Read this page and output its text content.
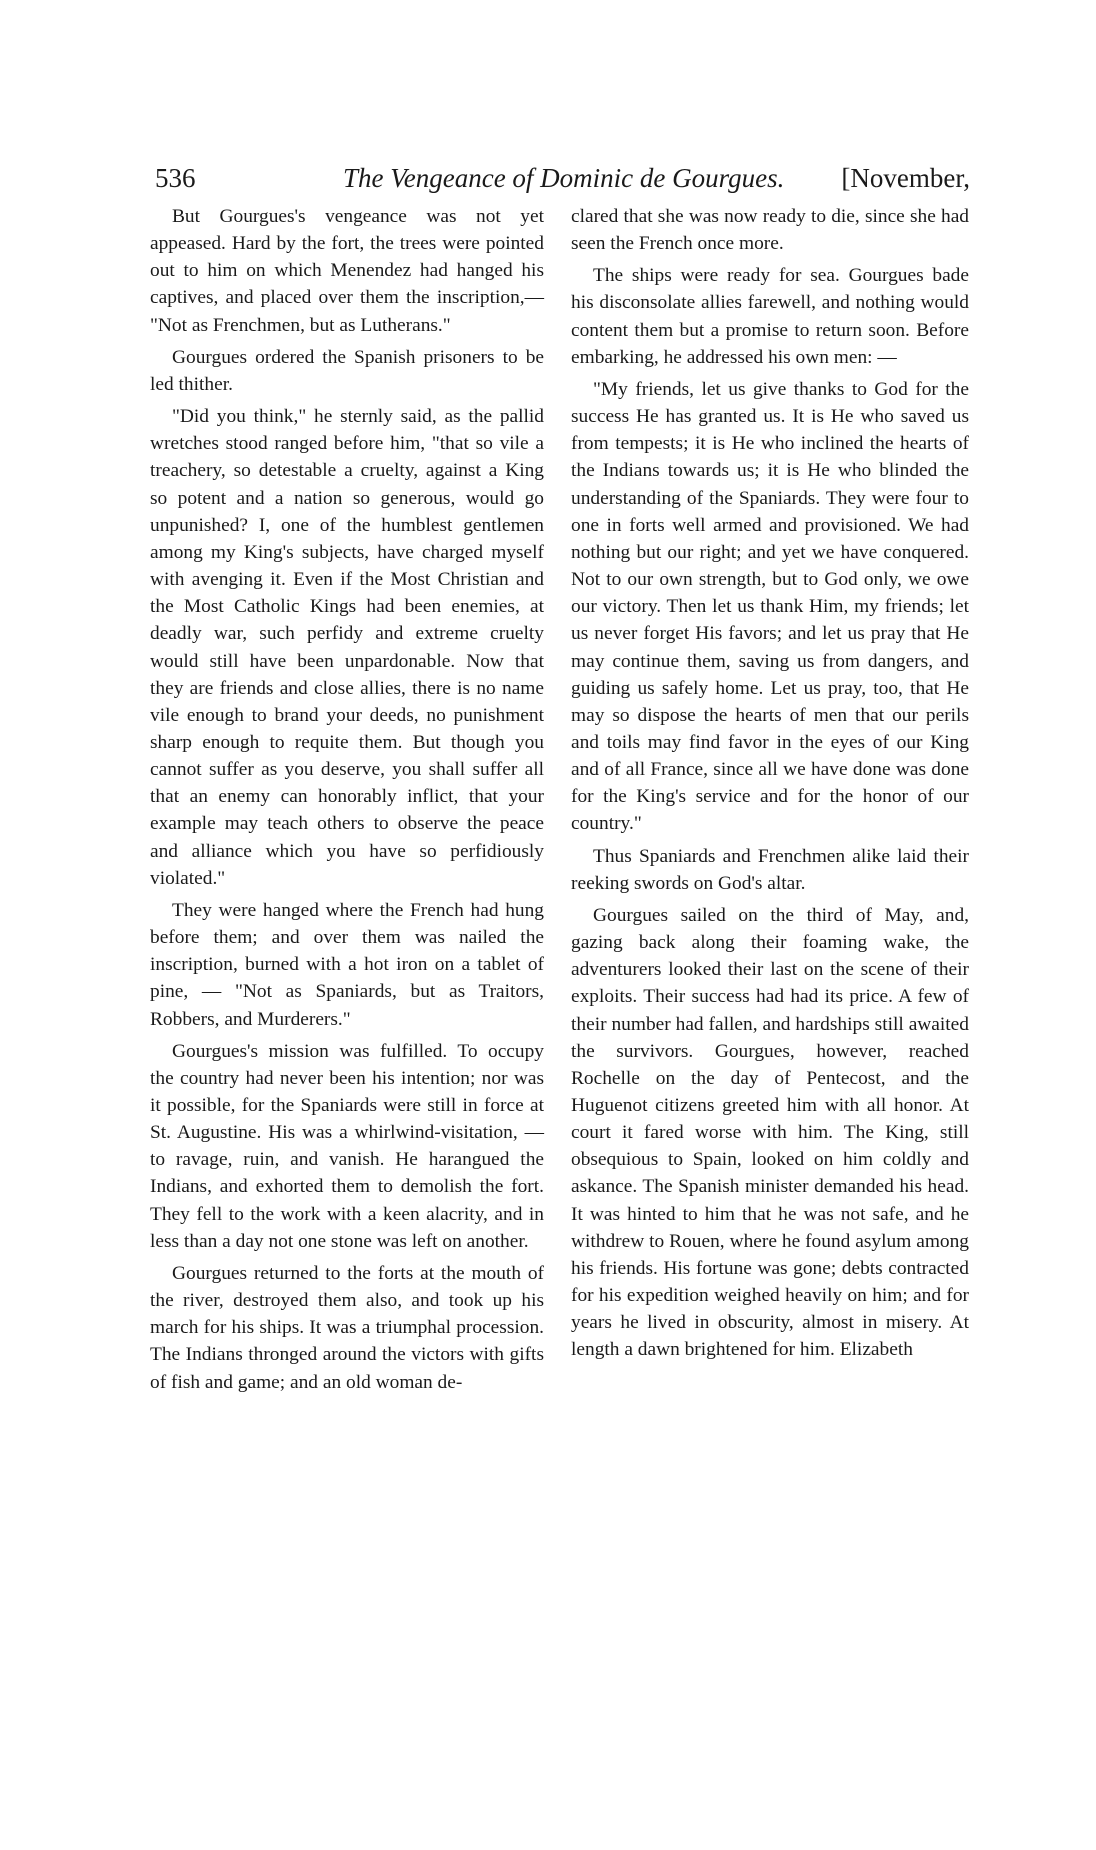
536	The Vengeance of Dominic de Gourgues. [November,

But Gourgues's vengeance was not yet appeased. Hard by the fort, the trees were pointed out to him on which Menendez had hanged his captives, and placed over them the inscription,— "Not as Frenchmen, but as Lutherans."

Gourgues ordered the Spanish prisoners to be led thither.

"Did you think," he sternly said, as the pallid wretches stood ranged before him, "that so vile a treachery, so detestable a cruelty, against a King so potent and a nation so generous, would go unpunished? I, one of the humblest gentlemen among my King's subjects, have charged myself with avenging it. Even if the Most Christian and the Most Catholic Kings had been enemies, at deadly war, such perfidy and extreme cruelty would still have been unpardonable. Now that they are friends and close allies, there is no name vile enough to brand your deeds, no punishment sharp enough to requite them. But though you cannot suffer as you deserve, you shall suffer all that an enemy can honorably inflict, that your example may teach others to observe the peace and alliance which you have so perfidiously violated."

They were hanged where the French had hung before them; and over them was nailed the inscription, burned with a hot iron on a tablet of pine, — "Not as Spaniards, but as Traitors, Robbers, and Murderers."

Gourgues's mission was fulfilled. To occupy the country had never been his intention; nor was it possible, for the Spaniards were still in force at St. Augustine. His was a whirlwind-visitation, — to ravage, ruin, and vanish. He harangued the Indians, and exhorted them to demolish the fort. They fell to the work with a keen alacrity, and in less than a day not one stone was left on another.

Gourgues returned to the forts at the mouth of the river, destroyed them also, and took up his march for his ships. It was a triumphal procession. The Indians thronged around the victors with gifts of fish and game; and an old woman de-

clared that she was now ready to die, since she had seen the French once more.

The ships were ready for sea. Gourgues bade his disconsolate allies farewell, and nothing would content them but a promise to return soon. Before embarking, he addressed his own men: —

"My friends, let us give thanks to God for the success He has granted us. It is He who saved us from tempests; it is He who inclined the hearts of the Indians towards us; it is He who blinded the understanding of the Spaniards. They were four to one in forts well armed and provisioned. We had nothing but our right; and yet we have conquered. Not to our own strength, but to God only, we owe our victory. Then let us thank Him, my friends; let us never forget His favors; and let us pray that He may continue them, saving us from dangers, and guiding us safely home. Let us pray, too, that He may so dispose the hearts of men that our perils and toils may find favor in the eyes of our King and of all France, since all we have done was done for the King's service and for the honor of our country."

Thus Spaniards and Frenchmen alike laid their reeking swords on God's altar.

Gourgues sailed on the third of May, and, gazing back along their foaming wake, the adventurers looked their last on the scene of their exploits. Their success had had its price. A few of their number had fallen, and hardships still awaited the survivors. Gourgues, however, reached Rochelle on the day of Pentecost, and the Huguenot citizens greeted him with all honor. At court it fared worse with him. The King, still obsequious to Spain, looked on him coldly and askance. The Spanish minister demanded his head. It was hinted to him that he was not safe, and he withdrew to Rouen, where he found asylum among his friends. His fortune was gone; debts contracted for his expedition weighed heavily on him; and for years he lived in obscurity, almost in misery. At length a dawn brightened for him. Elizabeth
